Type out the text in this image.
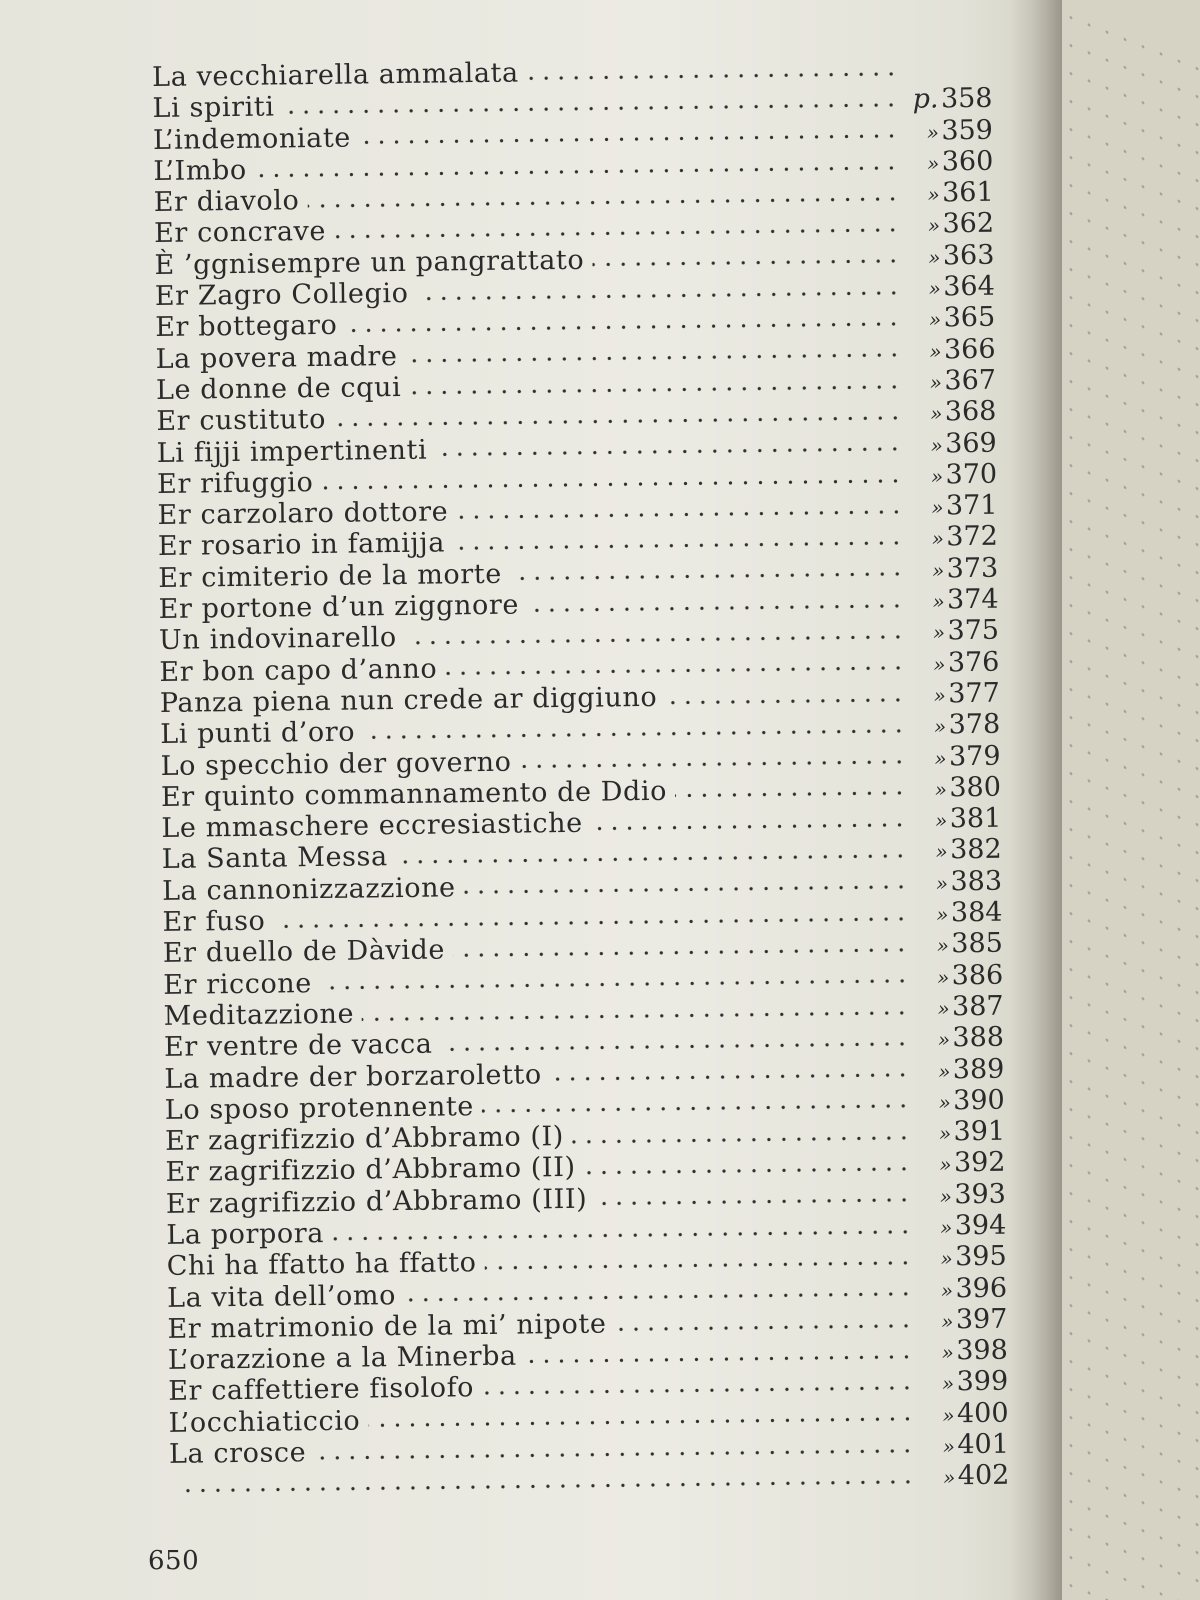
La vecchiarella ammalata
Li spiriti	p. 358
L’indemoniate	» 359
L’Imbo	» 360
Er diavolo	» 361
Er concrave	» 362
È ’ggnisempre un pangrattato	» 363
Er Zagro Collegio	» 364
Er bottegaro	» 365
La povera madre	» 366
Le donne de cqui	» 367
Er custituto	» 368
Li fijji impertinenti	» 369
Er rifuggio	» 370
Er carzolaro dottore	» 371
Er rosario in famijja	» 372
Er cimiterio de la morte	» 373
Er portone d’un ziggnore	» 374
Un indovinarello	» 375
Er bon capo d’anno	» 376
Panza piena nun crede ar diggiuno	» 377
Li punti d’oro	» 378
Lo specchio der governo	» 379
Er quinto commannamento de Ddio	» 380
Le mmaschere eccresiastiche	» 381
La Santa Messa	» 382
La cannonizzazzione	» 383
Er fuso	» 384
Er duello de Dàvide	» 385
Er riccone	» 386
Meditazzione	» 387
Er ventre de vacca	» 388
La madre der borzaroletto	» 389
Lo sposo protennente	» 390
Er zagrifizzio d’Abbramo (I)	» 391
Er zagrifizzio d’Abbramo (II)	» 392
Er zagrifizzio d’Abbramo (III)	» 393
La porpora	» 394
Chi ha ffatto ha ffatto	» 395
La vita dell’omo	» 396
Er matrimonio de la mi’ nipote	» 397
L’orazzione a la Minerba	» 398
Er caffettiere fisolofo	» 399
L’occhiaticcio	» 400
La crosce	» 401
» 402
650
